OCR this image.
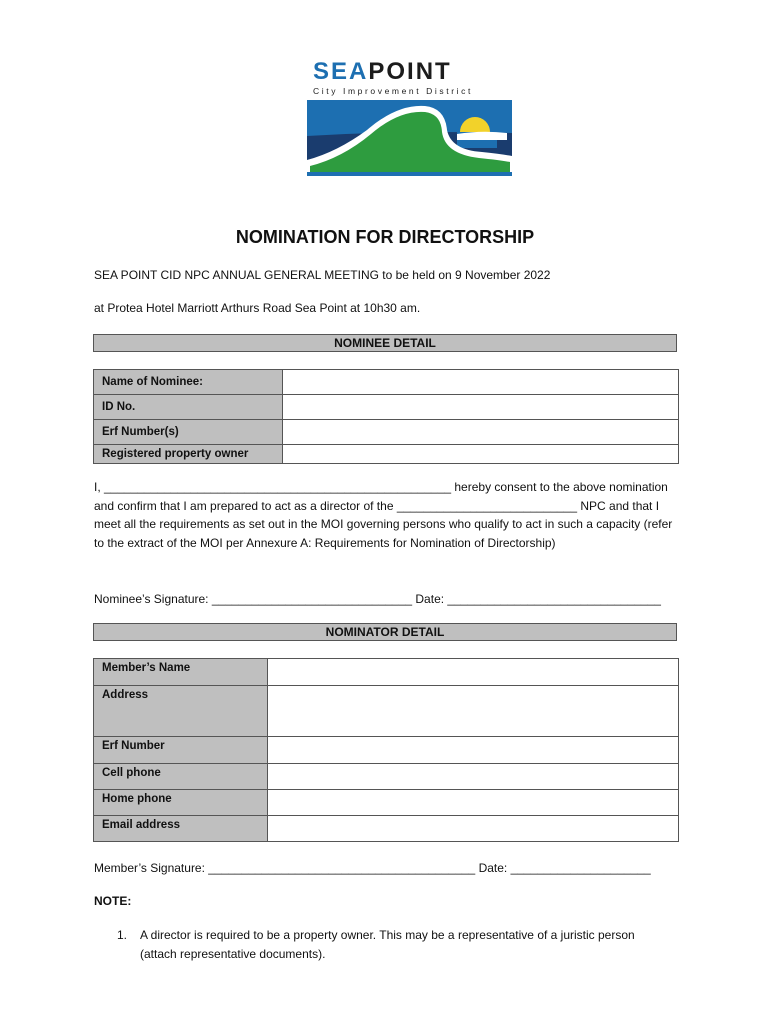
SEAPOINT
City Improvement District
NOMINATION FOR DIRECTORSHIP
SEA POINT CID NPC ANNUAL GENERAL MEETING to be held on 9 November 2022
at Protea Hotel Marriott Arthurs Road Sea Point at 10h30 am.
NOMINEE DETAIL
Name of Nominee:	
ID No.	
Erf Number(s)	
Registered property owner	
I, ____________________________________________________ hereby consent to the above nomination and confirm that I am prepared to act as a director of the ___________________________ NPC and that I meet all the requirements as set out in the MOI governing persons who qualify to act in such a capacity (refer to the extract of the MOI per Annexure A: Requirements for Nomination of Directorship)
Nominee’s Signature: ______________________________ Date: ________________________________
NOMINATOR DETAIL
Member’s Name	
Address	
Erf Number	
Cell phone	
Home phone	
Email address	
Member’s Signature: ________________________________________ Date: _____________________
NOTE:
1. A director is required to be a property owner. This may be a representative of a juristic person (attach representative documents).
